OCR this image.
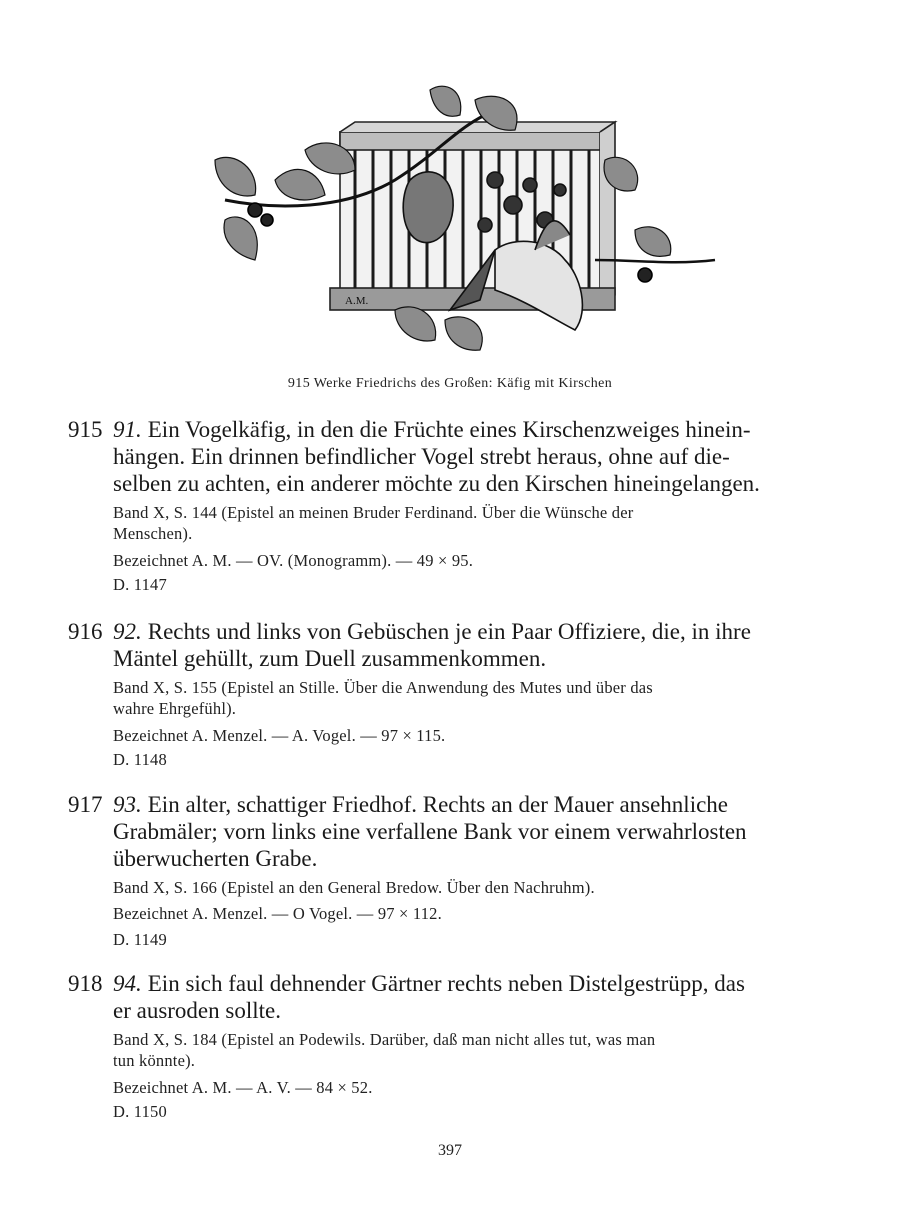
A.M.
915 Werke Friedrichs des Großen: Käfig mit Kirschen
915 91. Ein Vogelkäfig, in den die Früchte eines Kirschenzweiges hinein-
hängen. Ein drinnen befindlicher Vogel strebt heraus, ohne auf die-
selben zu achten, ein anderer möchte zu den Kirschen hineingelangen.
Band X, S. 144 (Epistel an meinen Bruder Ferdinand. Über die Wünsche der
Menschen).
Bezeichnet A. M. — OV. (Monogramm). — 49 × 95.
D. 1147
916 92. Rechts und links von Gebüschen je ein Paar Offiziere, die, in ihre
Mäntel gehüllt, zum Duell zusammenkommen.
Band X, S. 155 (Epistel an Stille. Über die Anwendung des Mutes und über das
wahre Ehrgefühl).
Bezeichnet A. Menzel. — A. Vogel. — 97 × 115.
D. 1148
917 93. Ein alter, schattiger Friedhof. Rechts an der Mauer ansehnliche
Grabmäler; vorn links eine verfallene Bank vor einem verwahrlosten
überwucherten Grabe.
Band X, S. 166 (Epistel an den General Bredow. Über den Nachruhm).
Bezeichnet A. Menzel. — O Vogel. — 97 × 112.
D. 1149
918 94. Ein sich faul dehnender Gärtner rechts neben Distelgestrüpp, das
er ausroden sollte.
Band X, S. 184 (Epistel an Podewils. Darüber, daß man nicht alles tut, was man
tun könnte).
Bezeichnet A. M. — A. V. — 84 × 52.
D. 1150
397
